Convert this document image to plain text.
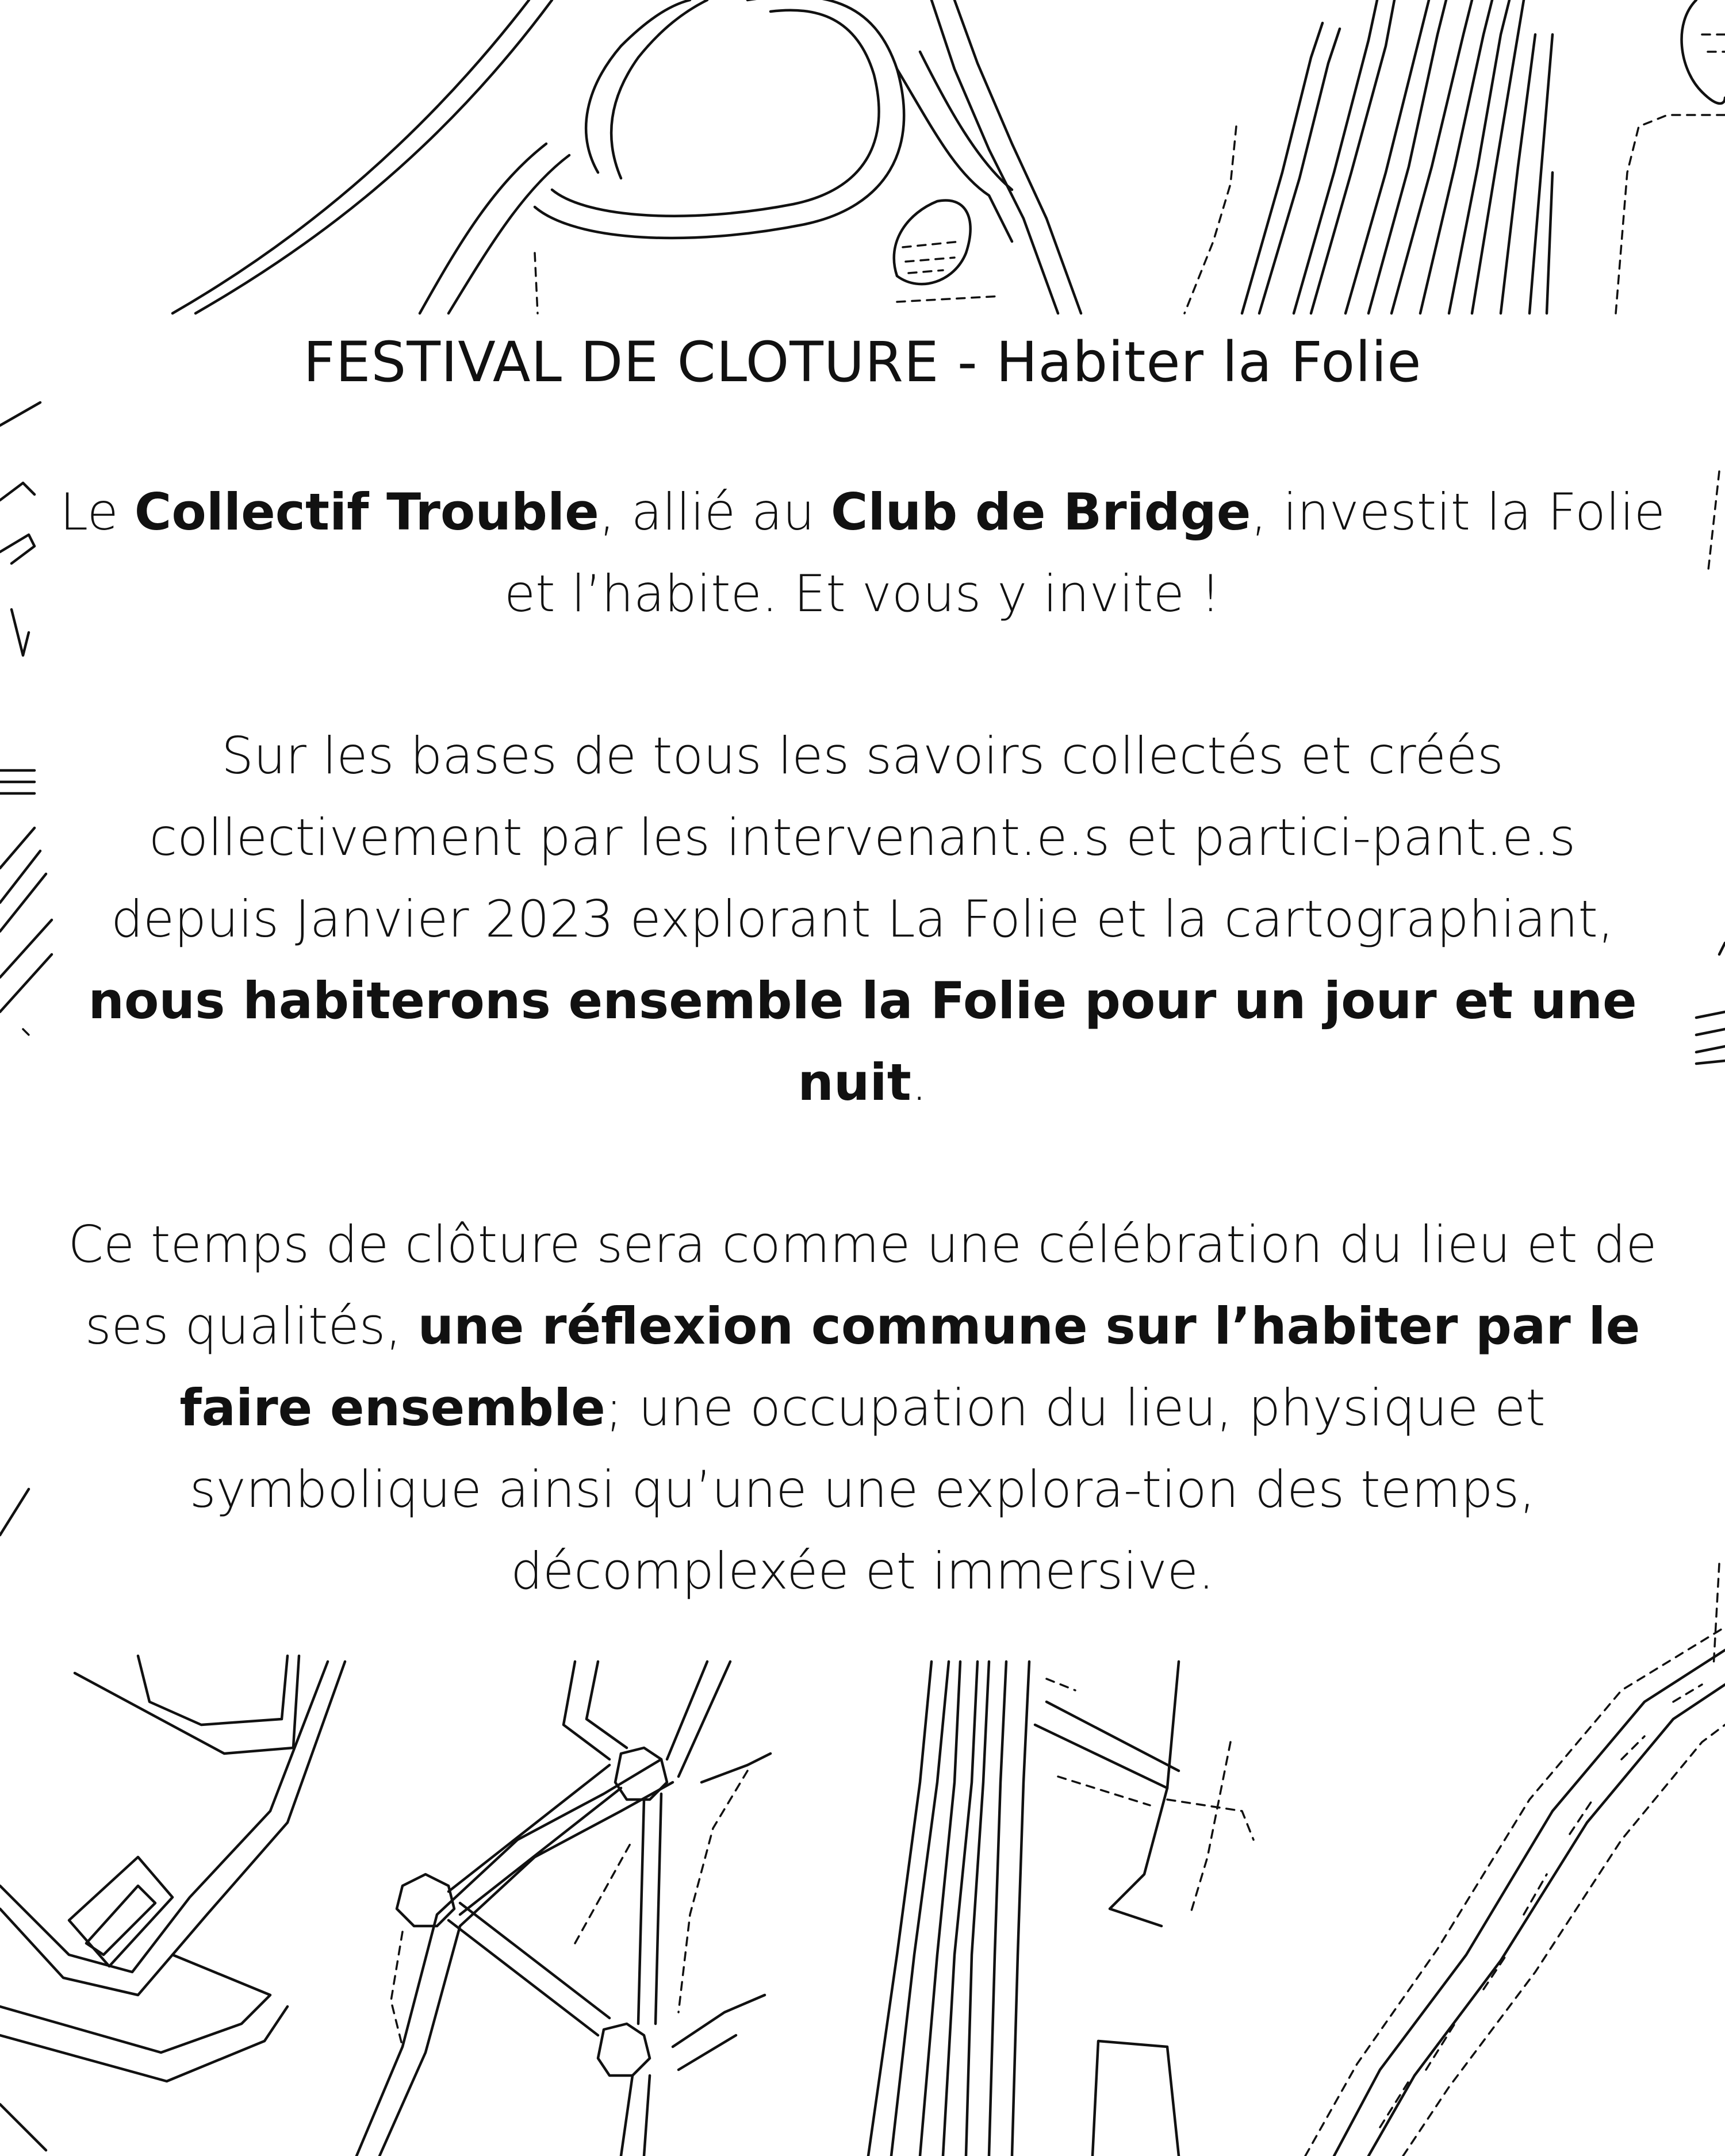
FESTIVAL DE CLOTURE - Habiter la Folie

Le Collectif Trouble, allié au Club de Bridge, investit la Folie et l’habite. Et vous y invite !

Sur les bases de tous les savoirs collectés et créés collectivement par les intervenant.e.s et partici-pant.e.s depuis Janvier 2023 explorant La Folie et la cartographiant, nous habiterons ensemble la Folie pour un jour et une nuit.

Ce temps de clôture sera comme une célébration du lieu et de ses qualités, une réflexion commune sur l’habiter par le faire ensemble; une occupation du lieu, physique et symbolique ainsi qu’une une explora-tion des temps, décomplexée et immersive.
